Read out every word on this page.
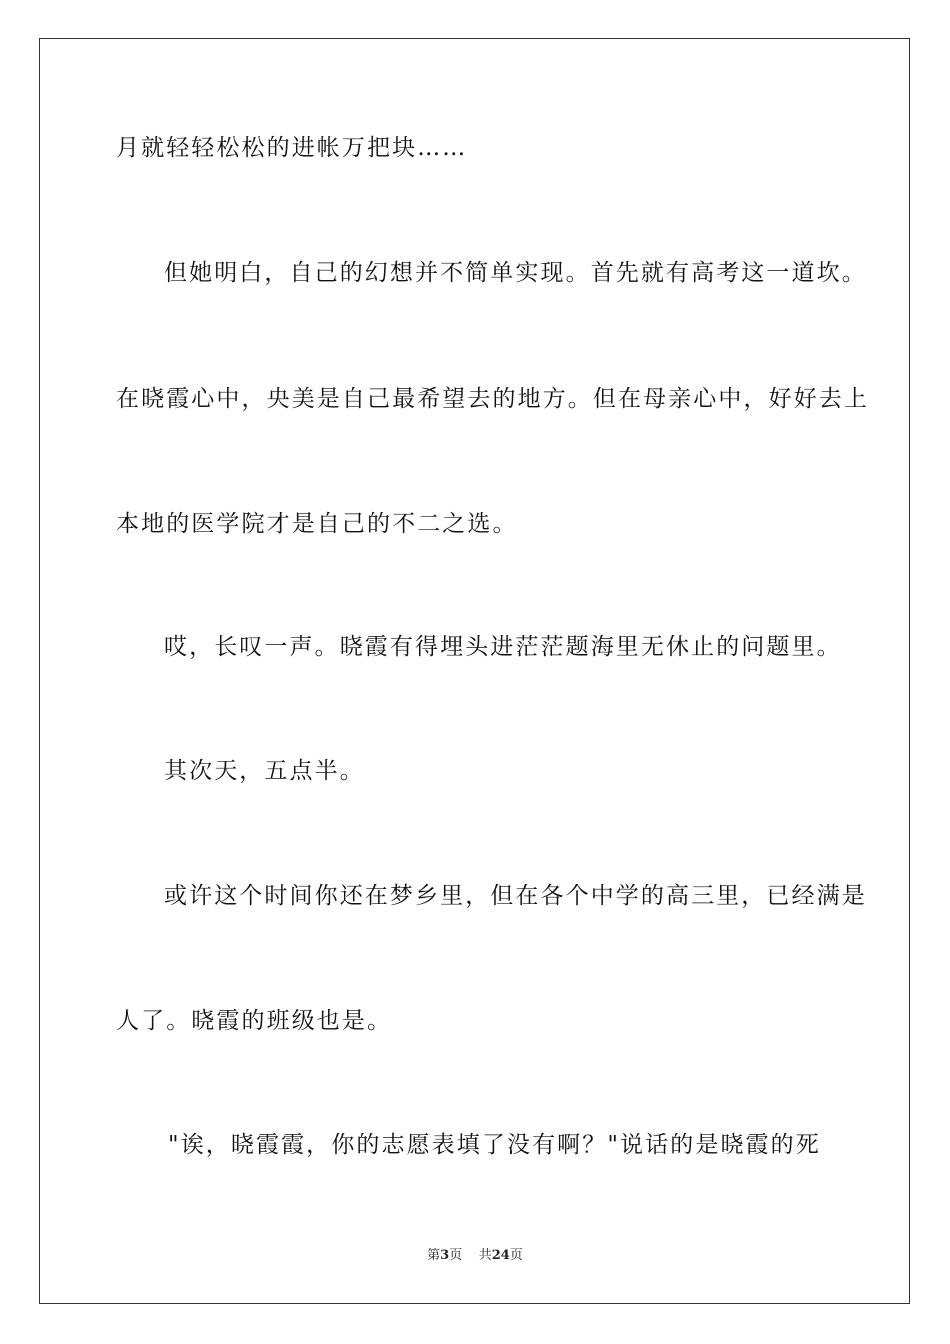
月就轻轻松松的进帐万把块……
但她明白，自己的幻想并不简单实现。首先就有高考这一道坎。
在晓霞心中，央美是自己最希望去的地方。但在母亲心中，好好去上
本地的医学院才是自己的不二之选。
哎，长叹一声。晓霞有得埋头进茫茫题海里无休止的问题里。
其次天，五点半。
或许这个时间你还在梦乡里，但在各个中学的高三里，已经满是
人了。晓霞的班级也是。
"诶，晓霞霞，你的志愿表填了没有啊？"说话的是晓霞的死
第3页 共24页
